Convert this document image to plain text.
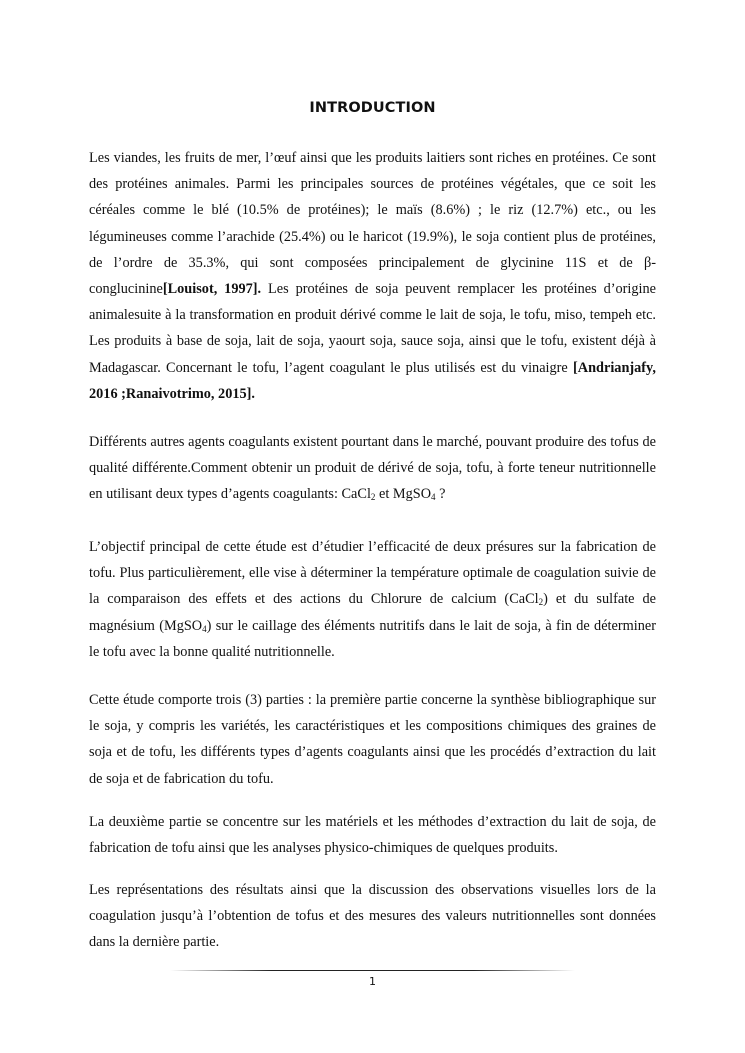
INTRODUCTION

Les viandes, les fruits de mer, l’œuf ainsi que les produits laitiers sont riches en protéines. Ce sont des protéines animales. Parmi les principales sources de protéines végétales, que ce soit les céréales comme le blé (10.5% de protéines); le maïs (8.6%) ; le riz (12.7%) etc., ou les légumineuses comme l’arachide (25.4%) ou le haricot (19.9%), le soja contient plus de protéines, de l’ordre de 35.3%, qui sont composées principalement de glycinine 11S et de β-conglucinine[Louisot, 1997]. Les protéines de soja peuvent remplacer les protéines d’origine animalesuite à la transformation en produit dérivé comme le lait de soja, le tofu, miso, tempeh etc. Les produits à base de soja, lait de soja, yaourt soja, sauce soja, ainsi que le tofu, existent déjà à Madagascar. Concernant le tofu, l’agent coagulant le plus utilisés est du vinaigre [Andrianjafy, 2016 ;Ranaivotrimo, 2015].

Différents autres agents coagulants existent pourtant dans le marché, pouvant produire des tofus de qualité différente.Comment obtenir un produit de dérivé de soja, tofu, à forte teneur nutritionnelle en utilisant deux types d’agents coagulants: CaCl$_2$ et MgSO$_4$ ?

L’objectif principal de cette étude est d’étudier l’efficacité de deux présures sur la fabrication de tofu. Plus particulièrement, elle vise à déterminer la température optimale de coagulation suivie de la comparaison des effets et des actions du Chlorure de calcium (CaCl$_2$) et du sulfate de magnésium (MgSO$_4$) sur le caillage des éléments nutritifs dans le lait de soja, à fin de déterminer le tofu avec la bonne qualité nutritionnelle.

Cette étude comporte trois (3) parties : la première partie concerne la synthèse bibliographique sur le soja, y compris les variétés, les caractéristiques et les compositions chimiques des graines de soja et de tofu, les différents types d’agents coagulants ainsi que les procédés d’extraction du lait de soja et de fabrication du tofu.

La deuxième partie se concentre sur les matériels et les méthodes d’extraction du lait de soja, de fabrication de tofu ainsi que les analyses physico-chimiques de quelques produits.

Les représentations des résultats ainsi que la discussion des observations visuelles lors de la coagulation jusqu’à l’obtention de tofus et des mesures des valeurs nutritionnelles sont données dans la dernière partie.

1
